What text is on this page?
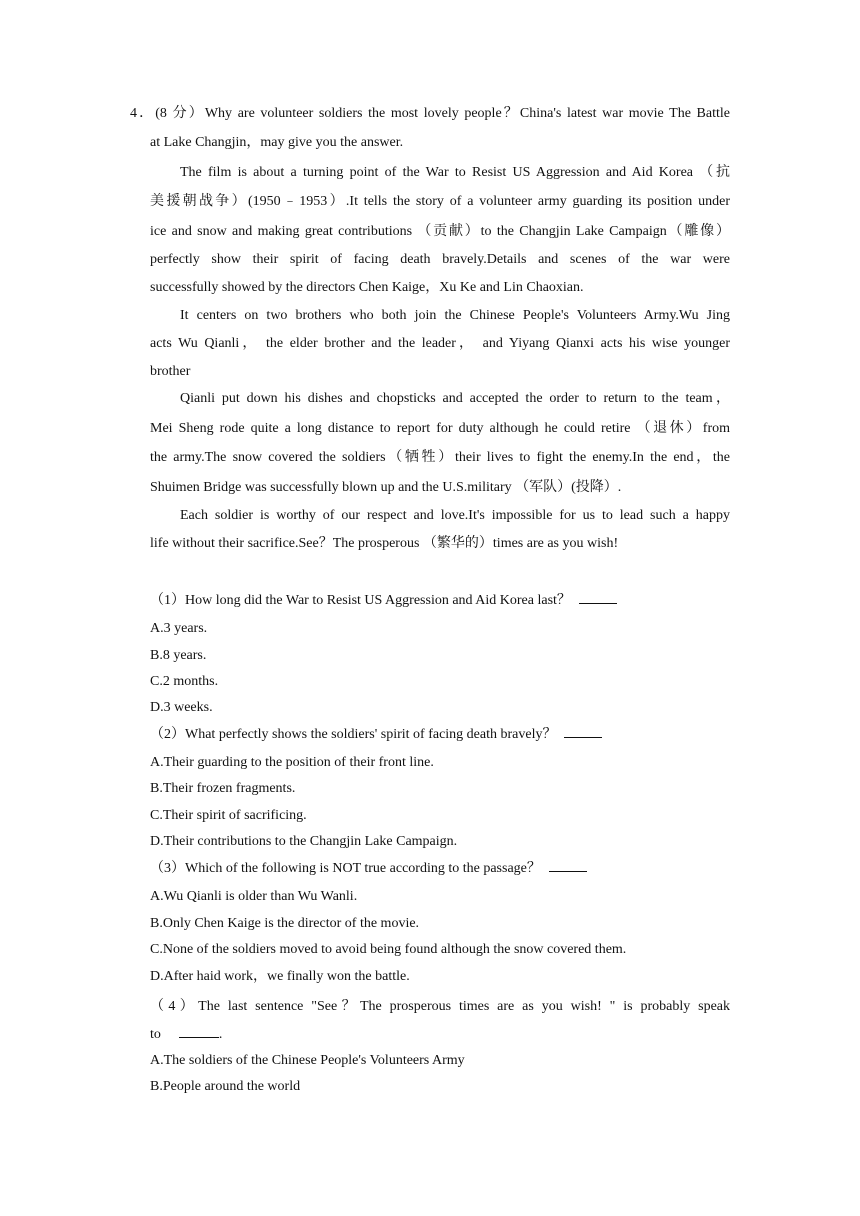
4．(8 分）Why are volunteer soldiers the most lovely people？China's latest war movie The Battle
at Lake Changjin，may give you the answer.
The film is about a turning point of the War to Resist US Aggression and Aid Korea （抗
美援朝战争）(1950﹣1953）.It tells the story of a volunteer army guarding its position under
ice and snow and making great contributions （贡献）to the Changjin Lake Campaign（雕像）
perfectly show their spirit of facing death bravely.Details and scenes of the war were
successfully showed by the directors Chen Kaige，Xu Ke and Lin Chaoxian.
It centers on two brothers who both join the Chinese People's Volunteers Army.Wu Jing
acts Wu Qianli， the elder brother and the leader， and Yiyang Qianxi acts his wise younger
brother
Qianli put down his dishes and chopsticks and accepted the order to return to the team，
Mei Sheng rode quite a long distance to report for duty although he could retire （退休）from
the army.The snow covered the soldiers（牺牲）their lives to fight the enemy.In the end，the
Shuimen Bridge was successfully blown up and the U.S.military （军队）(投降）.
Each soldier is worthy of our respect and love.It's impossible for us to lead such a happy
life without their sacrifice.See？The prosperous （繁华的）times are as you wish!
（1）How long did the War to Resist US Aggression and Aid Korea last？
A.3 years.
B.8 years.
C.2 months.
D.3 weeks.
（2）What perfectly shows the soldiers' spirit of facing death bravely？
A.Their guarding to the position of their front line.
B.Their frozen fragments.
C.Their spirit of sacrificing.
D.Their contributions to the Changjin Lake Campaign.
（3）Which of the following is NOT true according to the passage？
A.Wu Qianli is older than Wu Wanli.
B.Only Chen Kaige is the director of the movie.
C.None of the soldiers moved to avoid being found although the snow covered them.
D.After haid work，we finally won the battle.
（4）The last sentence "See？The prosperous times are as you wish! " is probably speak
to	.
A.The soldiers of the Chinese People's Volunteers Army
B.People around the world
